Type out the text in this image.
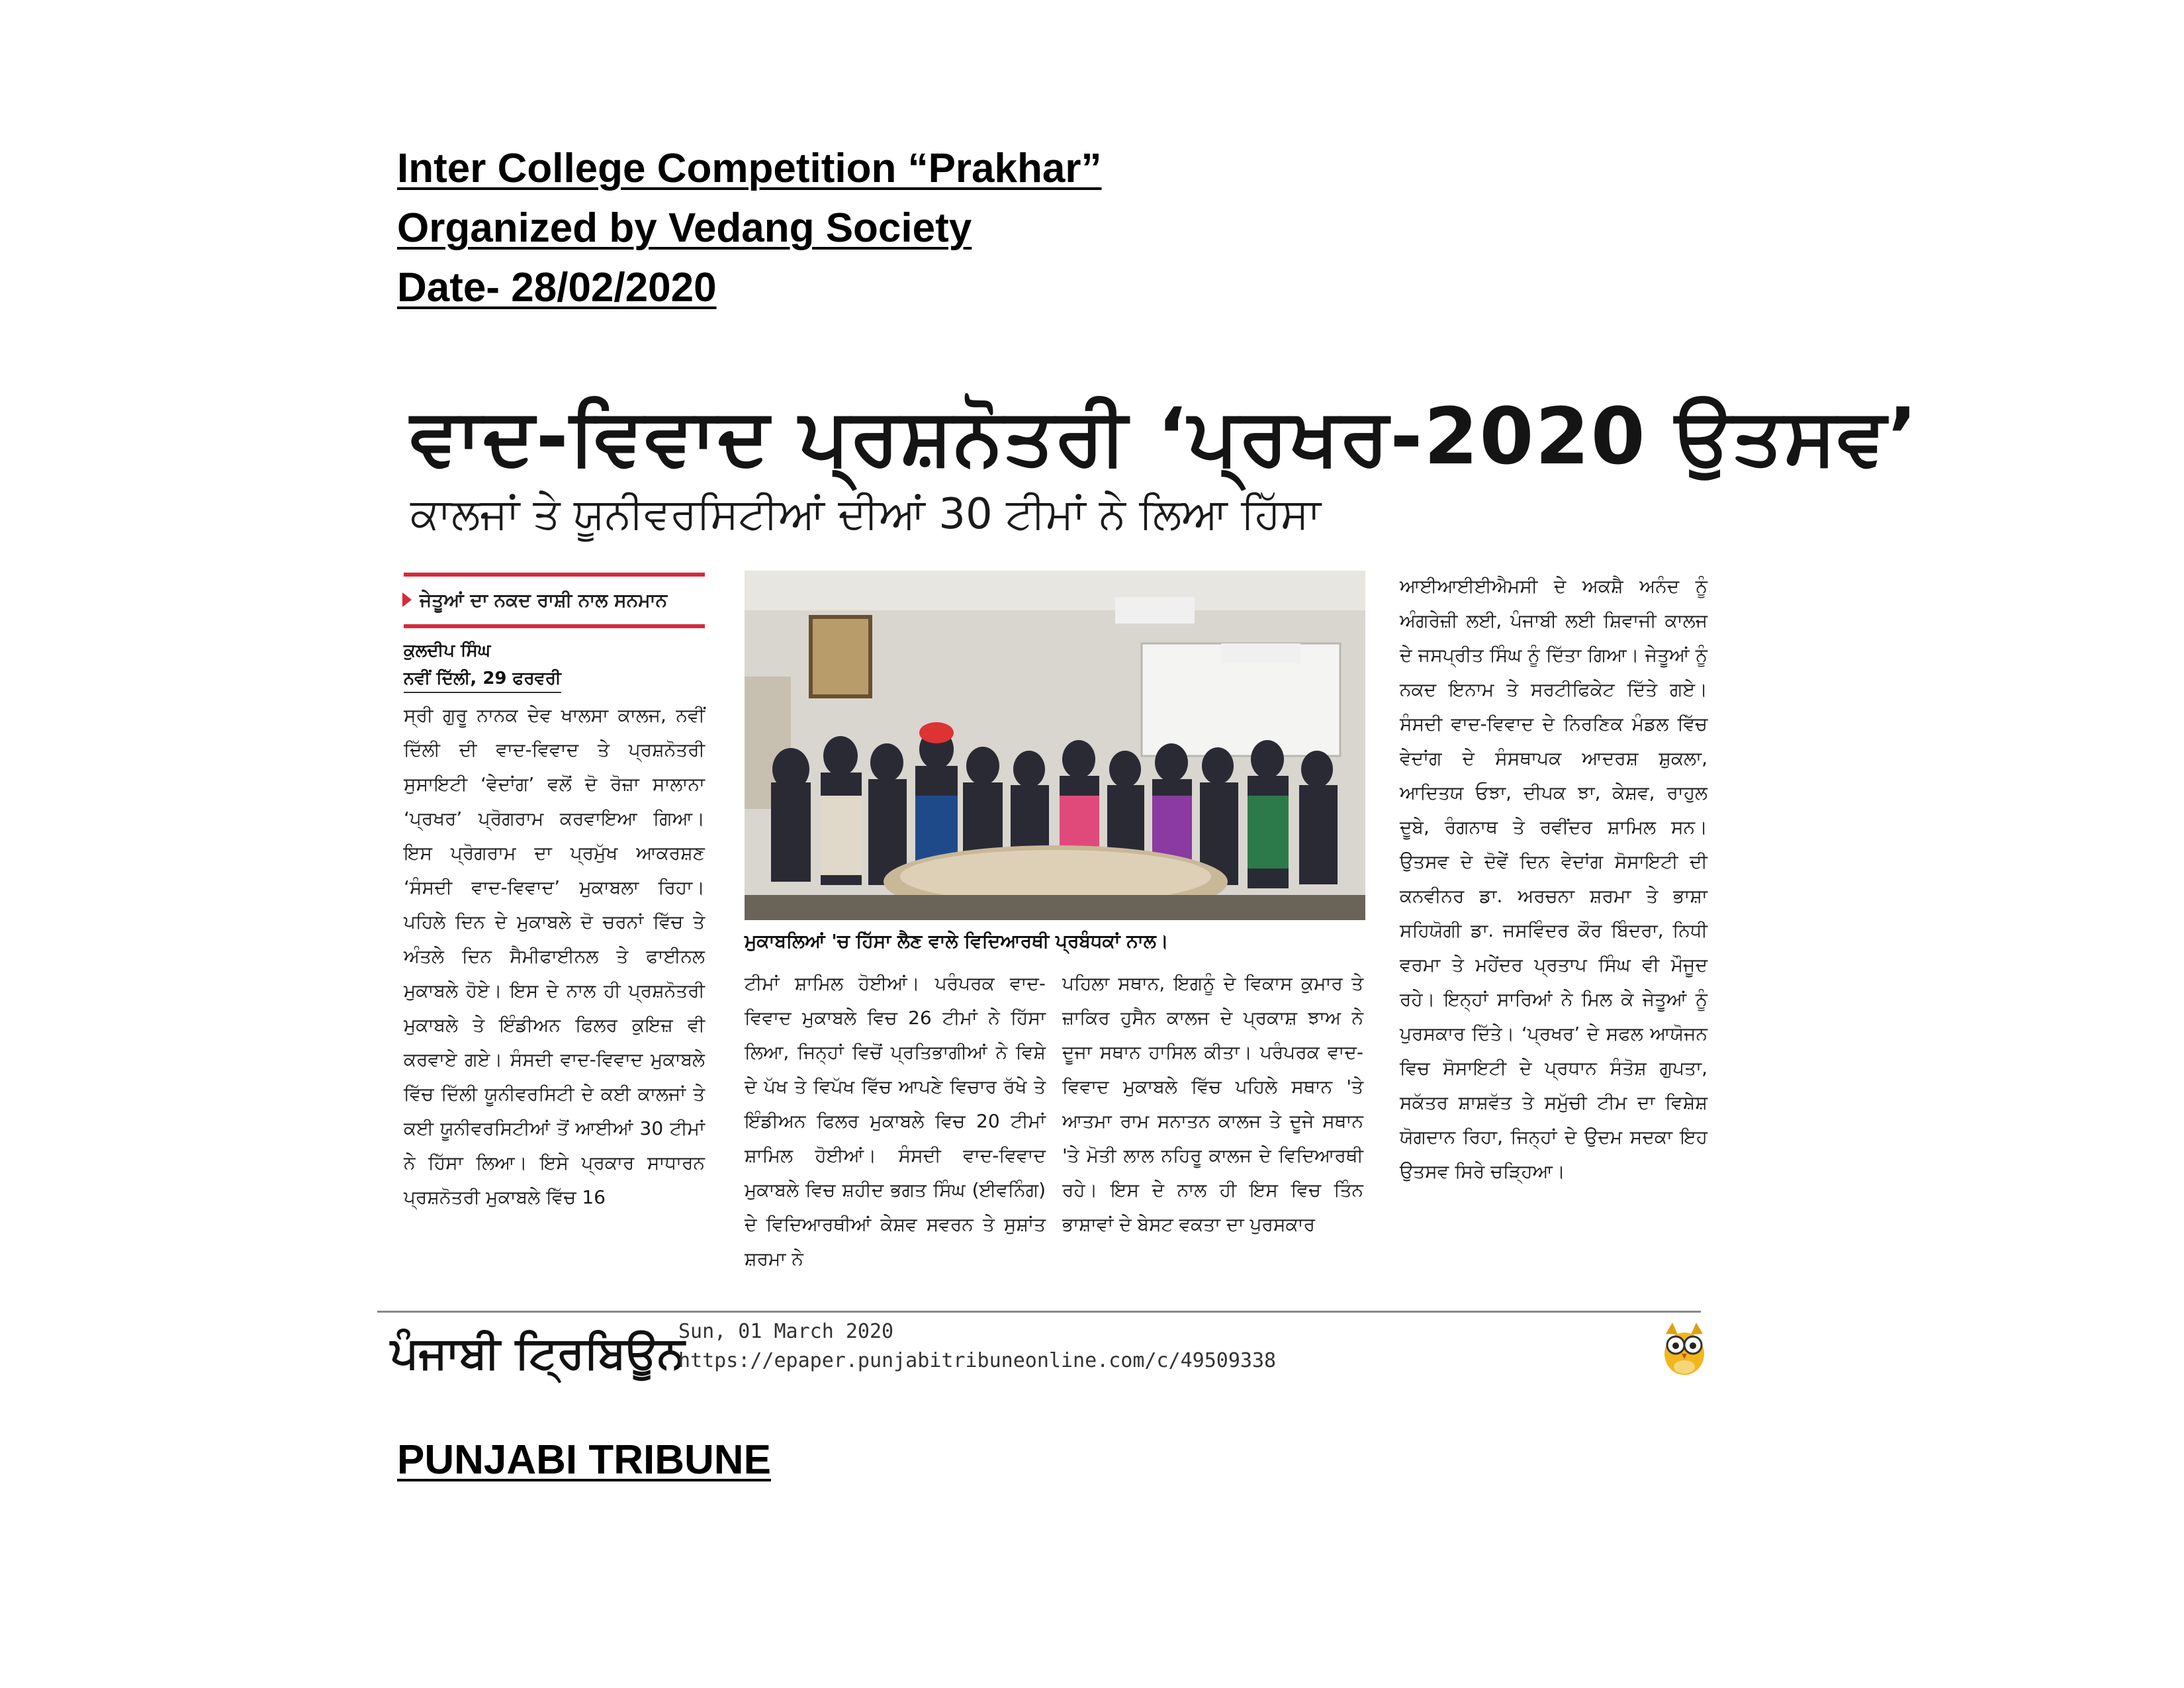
Inter College Competition “Prakhar”
Organized by Vedang Society
Date- 28/02/2020
ਵਾਦ-ਵਿਵਾਦ ਪ੍ਰਸ਼ਨੋਤਰੀ ‘ਪ੍ਰਖਰ-2020 ਉਤਸਵ’
ਕਾਲਜਾਂ ਤੇ ਯੂਨੀਵਰਸਿਟੀਆਂ ਦੀਆਂ 30 ਟੀਮਾਂ ਨੇ ਲਿਆ ਹਿੱਸਾ
ਜੇਤੂਆਂ ਦਾ ਨਕਦ ਰਾਸ਼ੀ ਨਾਲ ਸਨਮਾਨ
ਕੁਲਦੀਪ ਸਿੰਘ
ਨਵੀਂ ਦਿੱਲੀ, 29 ਫਰਵਰੀ
ਸ੍ਰੀ ਗੁਰੂ ਨਾਨਕ ਦੇਵ ਖਾਲਸਾ ਕਾਲਜ, ਨਵੀਂ ਦਿੱਲੀ ਦੀ ਵਾਦ-ਵਿਵਾਦ ਤੇ ਪ੍ਰਸ਼ਨੋਤਰੀ ਸੁਸਾਇਟੀ ‘ਵੇਦਾਂਗ’ ਵਲੋਂ ਦੋ ਰੋਜ਼ਾ ਸਾਲਾਨਾ ‘ਪ੍ਰਖਰ’ ਪ੍ਰੋਗਰਾਮ ਕਰਵਾਇਆ ਗਿਆ। ਇਸ ਪ੍ਰੋਗਰਾਮ ਦਾ ਪ੍ਰਮੁੱਖ ਆਕਰਸ਼ਣ ‘ਸੰਸਦੀ ਵਾਦ-ਵਿਵਾਦ’ ਮੁਕਾਬਲਾ ਰਿਹਾ। ਪਹਿਲੇ ਦਿਨ ਦੇ ਮੁਕਾਬਲੇ ਦੋ ਚਰਨਾਂ ਵਿੱਚ ਤੇ ਅੰਤਲੇ ਦਿਨ ਸੈਮੀਫਾਈਨਲ ਤੇ ਫਾਈਨਲ ਮੁਕਾਬਲੇ ਹੋਏ। ਇਸ ਦੇ ਨਾਲ ਹੀ ਪ੍ਰਸ਼ਨੋਤਰੀ ਮੁਕਾਬਲੇ ਤੇ ਇੰਡੀਅਨ ਫਿਲਰ ਕੁਇਜ਼ ਵੀ ਕਰਵਾਏ ਗਏ। ਸੰਸਦੀ ਵਾਦ-ਵਿਵਾਦ ਮੁਕਾਬਲੇ ਵਿੱਚ ਦਿੱਲੀ ਯੂਨੀਵਰਸਿਟੀ ਦੇ ਕਈ ਕਾਲਜਾਂ ਤੇ ਕਈ ਯੂਨੀਵਰਸਿਟੀਆਂ ਤੋਂ ਆਈਆਂ 30 ਟੀਮਾਂ ਨੇ ਹਿੱਸਾ ਲਿਆ। ਇਸੇ ਪ੍ਰਕਾਰ ਸਾਧਾਰਨ ਪ੍ਰਸ਼ਨੋਤਰੀ ਮੁਕਾਬਲੇ ਵਿੱਚ 16
ਮੁਕਾਬਲਿਆਂ 'ਚ ਹਿੱਸਾ ਲੈਣ ਵਾਲੇ ਵਿਦਿਆਰਥੀ ਪ੍ਰਬੰਧਕਾਂ ਨਾਲ।
ਟੀਮਾਂ ਸ਼ਾਮਿਲ ਹੋਈਆਂ। ਪਰੰਪਰਕ ਵਾਦ-ਵਿਵਾਦ ਮੁਕਾਬਲੇ ਵਿਚ 26 ਟੀਮਾਂ ਨੇ ਹਿੱਸਾ ਲਿਆ, ਜਿਨ੍ਹਾਂ ਵਿਚੋਂ ਪ੍ਰਤਿਭਾਗੀਆਂ ਨੇ ਵਿਸ਼ੇ ਦੇ ਪੱਖ ਤੇ ਵਿਪੱਖ ਵਿੱਚ ਆਪਣੇ ਵਿਚਾਰ ਰੱਖੇ ਤੇ ਇੰਡੀਅਨ ਫਿਲਰ ਮੁਕਾਬਲੇ ਵਿਚ 20 ਟੀਮਾਂ ਸ਼ਾਮਿਲ ਹੋਈਆਂ। ਸੰਸਦੀ ਵਾਦ-ਵਿਵਾਦ ਮੁਕਾਬਲੇ ਵਿਚ ਸ਼ਹੀਦ ਭਗਤ ਸਿੰਘ (ਈਵਨਿੰਗ) ਦੇ ਵਿਦਿਆਰਥੀਆਂ ਕੇਸ਼ਵ ਸਵਰਨ ਤੇ ਸੁਸ਼ਾਂਤ ਸ਼ਰਮਾ ਨੇ
ਪਹਿਲਾ ਸਥਾਨ, ਇਗਨੂੰ ਦੇ ਵਿਕਾਸ ਕੁਮਾਰ ਤੇ ਜ਼ਾਕਿਰ ਹੁਸੈਨ ਕਾਲਜ ਦੇ ਪ੍ਰਕਾਸ਼ ਝਾਅ ਨੇ ਦੂਜਾ ਸਥਾਨ ਹਾਸਿਲ ਕੀਤਾ। ਪਰੰਪਰਕ ਵਾਦ-ਵਿਵਾਦ ਮੁਕਾਬਲੇ ਵਿੱਚ ਪਹਿਲੇ ਸਥਾਨ 'ਤੇ ਆਤਮਾ ਰਾਮ ਸਨਾਤਨ ਕਾਲਜ ਤੇ ਦੂਜੇ ਸਥਾਨ 'ਤੇ ਮੋਤੀ ਲਾਲ ਨਹਿਰੂ ਕਾਲਜ ਦੇ ਵਿਦਿਆਰਥੀ ਰਹੇ। ਇਸ ਦੇ ਨਾਲ ਹੀ ਇਸ ਵਿਚ ਤਿੰਨ ਭਾਸ਼ਾਵਾਂ ਦੇ ਬੇਸਟ ਵਕਤਾ ਦਾ ਪੁਰਸਕਾਰ
ਆਈਆਈਈਐਮਸੀ ਦੇ ਅਕਸ਼ੈ ਅਨੰਦ ਨੂੰ ਅੰਗਰੇਜ਼ੀ ਲਈ, ਪੰਜਾਬੀ ਲਈ ਸ਼ਿਵਾਜੀ ਕਾਲਜ ਦੇ ਜਸਪ੍ਰੀਤ ਸਿੰਘ ਨੂੰ ਦਿੱਤਾ ਗਿਆ। ਜੇਤੂਆਂ ਨੂੰ ਨਕਦ ਇਨਾਮ ਤੇ ਸਰਟੀਫਿਕੇਟ ਦਿੱਤੇ ਗਏ। ਸੰਸਦੀ ਵਾਦ-ਵਿਵਾਦ ਦੇ ਨਿਰਣਿਕ ਮੰਡਲ ਵਿੱਚ ਵੇਦਾਂਗ ਦੇ ਸੰਸਥਾਪਕ ਆਦਰਸ਼ ਸ਼ੁਕਲਾ, ਆਦਿਤਯ ਓਝਾ, ਦੀਪਕ ਝਾ, ਕੇਸ਼ਵ, ਰਾਹੁਲ ਦੂਬੇ, ਰੰਗਨਾਥ ਤੇ ਰਵੀਂਦਰ ਸ਼ਾਮਿਲ ਸਨ। ਉਤਸਵ ਦੇ ਦੋਵੇਂ ਦਿਨ ਵੇਦਾਂਗ ਸੋਸਾਇਟੀ ਦੀ ਕਨਵੀਨਰ ਡਾ. ਅਰਚਨਾ ਸ਼ਰਮਾ ਤੇ ਭਾਸ਼ਾ ਸਹਿਯੋਗੀ ਡਾ. ਜਸਵਿੰਦਰ ਕੌਰ ਬਿੰਦਰਾ, ਨਿਧੀ ਵਰਮਾ ਤੇ ਮਹੇਂਦਰ ਪ੍ਰਤਾਪ ਸਿੰਘ ਵੀ ਮੌਜੂਦ ਰਹੇ। ਇਨ੍ਹਾਂ ਸਾਰਿਆਂ ਨੇ ਮਿਲ ਕੇ ਜੇਤੂਆਂ ਨੂੰ ਪੁਰਸਕਾਰ ਦਿੱਤੇ। ‘ਪ੍ਰਖਰ’ ਦੇ ਸਫਲ ਆਯੋਜਨ ਵਿਚ ਸੋਸਾਇਟੀ ਦੇ ਪ੍ਰਧਾਨ ਸੰਤੋਸ਼ ਗੁਪਤਾ, ਸਕੱਤਰ ਸ਼ਾਸ਼ਵੱਤ ਤੇ ਸਮੁੱਚੀ ਟੀਮ ਦਾ ਵਿਸ਼ੇਸ਼ ਯੋਗਦਾਨ ਰਿਹਾ, ਜਿਨ੍ਹਾਂ ਦੇ ਉਦਮ ਸਦਕਾ ਇਹ ਉਤਸਵ ਸਿਰੇ ਚੜ੍ਹਿਆ।
ਪੰਜਾਬੀ ਟ੍ਰਿਬਿਊਨ
Sun, 01 March 2020
https://epaper.punjabitribuneonline.com/c/49509338
PUNJABI TRIBUNE
